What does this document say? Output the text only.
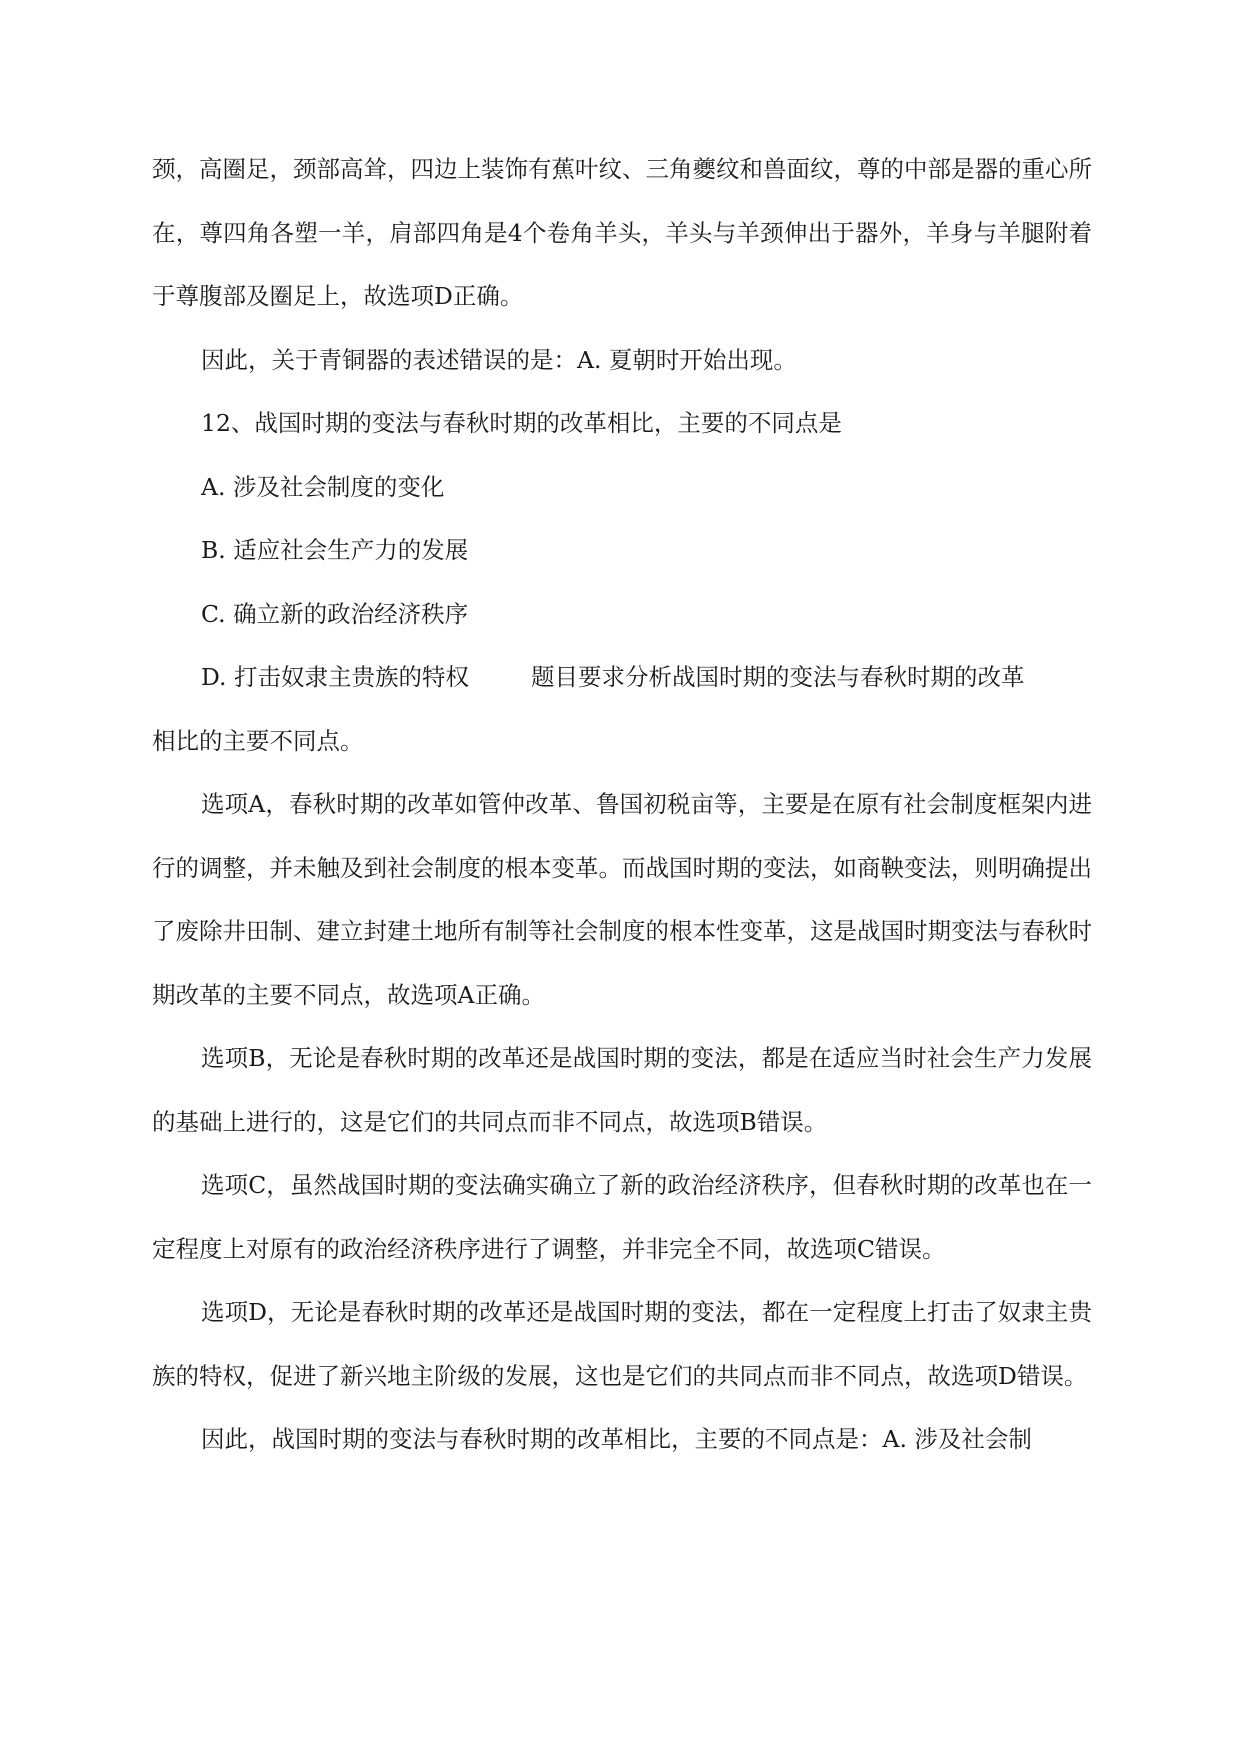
颈，高圈足，颈部高耸，四边上装饰有蕉叶纹、三角夔纹和兽面纹，尊的中部是器的重心所在，尊四角各塑一羊，肩部四角是4个卷角羊头，羊头与羊颈伸出于器外，羊身与羊腿附着于尊腹部及圈足上，故选项D正确。

因此，关于青铜器的表述错误的是：A. 夏朝时开始出现。

12、战国时期的变法与春秋时期的改革相比，主要的不同点是

A. 涉及社会制度的变化

B. 适应社会生产力的发展

C. 确立新的政治经济秩序

D. 打击奴隶主贵族的特权	题目要求分析战国时期的变法与春秋时期的改革

相比的主要不同点。

选项A，春秋时期的改革如管仲改革、鲁国初税亩等，主要是在原有社会制度框架内进行的调整，并未触及到社会制度的根本变革。而战国时期的变法，如商鞅变法，则明确提出了废除井田制、建立封建土地所有制等社会制度的根本性变革，这是战国时期变法与春秋时期改革的主要不同点，故选项A正确。

选项B，无论是春秋时期的改革还是战国时期的变法，都是在适应当时社会生产力发展的基础上进行的，这是它们的共同点而非不同点，故选项B错误。

选项C，虽然战国时期的变法确实确立了新的政治经济秩序，但春秋时期的改革也在一定程度上对原有的政治经济秩序进行了调整，并非完全不同，故选项C错误。

选项D，无论是春秋时期的改革还是战国时期的变法，都在一定程度上打击了奴隶主贵族的特权，促进了新兴地主阶级的发展，这也是它们的共同点而非不同点，故选项D错误。

因此，战国时期的变法与春秋时期的改革相比，主要的不同点是：A. 涉及社会制
